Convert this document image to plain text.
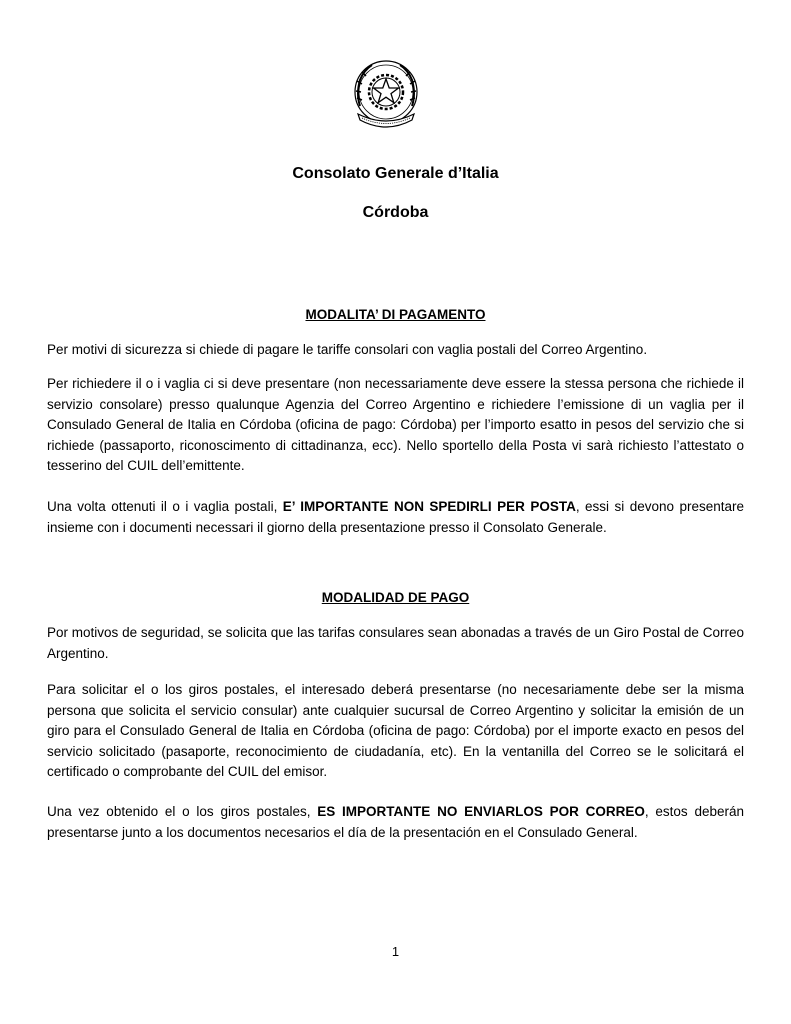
Consolato Generale d’Italia
Córdoba
MODALITA’ DI PAGAMENTO

Per motivi di sicurezza si chiede di pagare le tariffe consolari con vaglia postali del Correo Argentino.

Per richiedere il o i vaglia ci si deve presentare (non necessariamente deve essere la stessa persona che richiede il servizio consolare) presso qualunque Agenzia del Correo Argentino e richiedere l’emissione di un vaglia per il Consulado General de Italia en Córdoba (oficina de pago: Córdoba) per l’importo esatto in pesos del servizio che si richiede (passaporto, riconoscimento di cittadinanza, ecc). Nello sportello della Posta vi sarà richiesto l’attestato o tesserino del CUIL dell’emittente.

Una volta ottenuti il o i vaglia postali, E’ IMPORTANTE NON SPEDIRLI PER POSTA, essi si devono presentare insieme con i documenti necessari il giorno della presentazione presso il Consolato Generale.

MODALIDAD DE PAGO

Por motivos de seguridad, se solicita que las tarifas consulares sean abonadas a través de un Giro Postal de Correo Argentino.

Para solicitar el o los giros postales, el interesado deberá presentarse (no necesariamente debe ser la misma persona que solicita el servicio consular) ante cualquier sucursal de Correo Argentino y solicitar la emisión de un giro para el Consulado General de Italia en Córdoba (oficina de pago: Córdoba) por el importe exacto en pesos del servicio solicitado (pasaporte, reconocimiento de ciudadanía, etc). En la ventanilla del Correo se le solicitará el certificado o comprobante del CUIL del emisor.

Una vez obtenido el o los giros postales, ES IMPORTANTE NO ENVIARLOS POR CORREO, estos deberán presentarse junto a los documentos necesarios el día de la presentación en el Consulado General.

1
